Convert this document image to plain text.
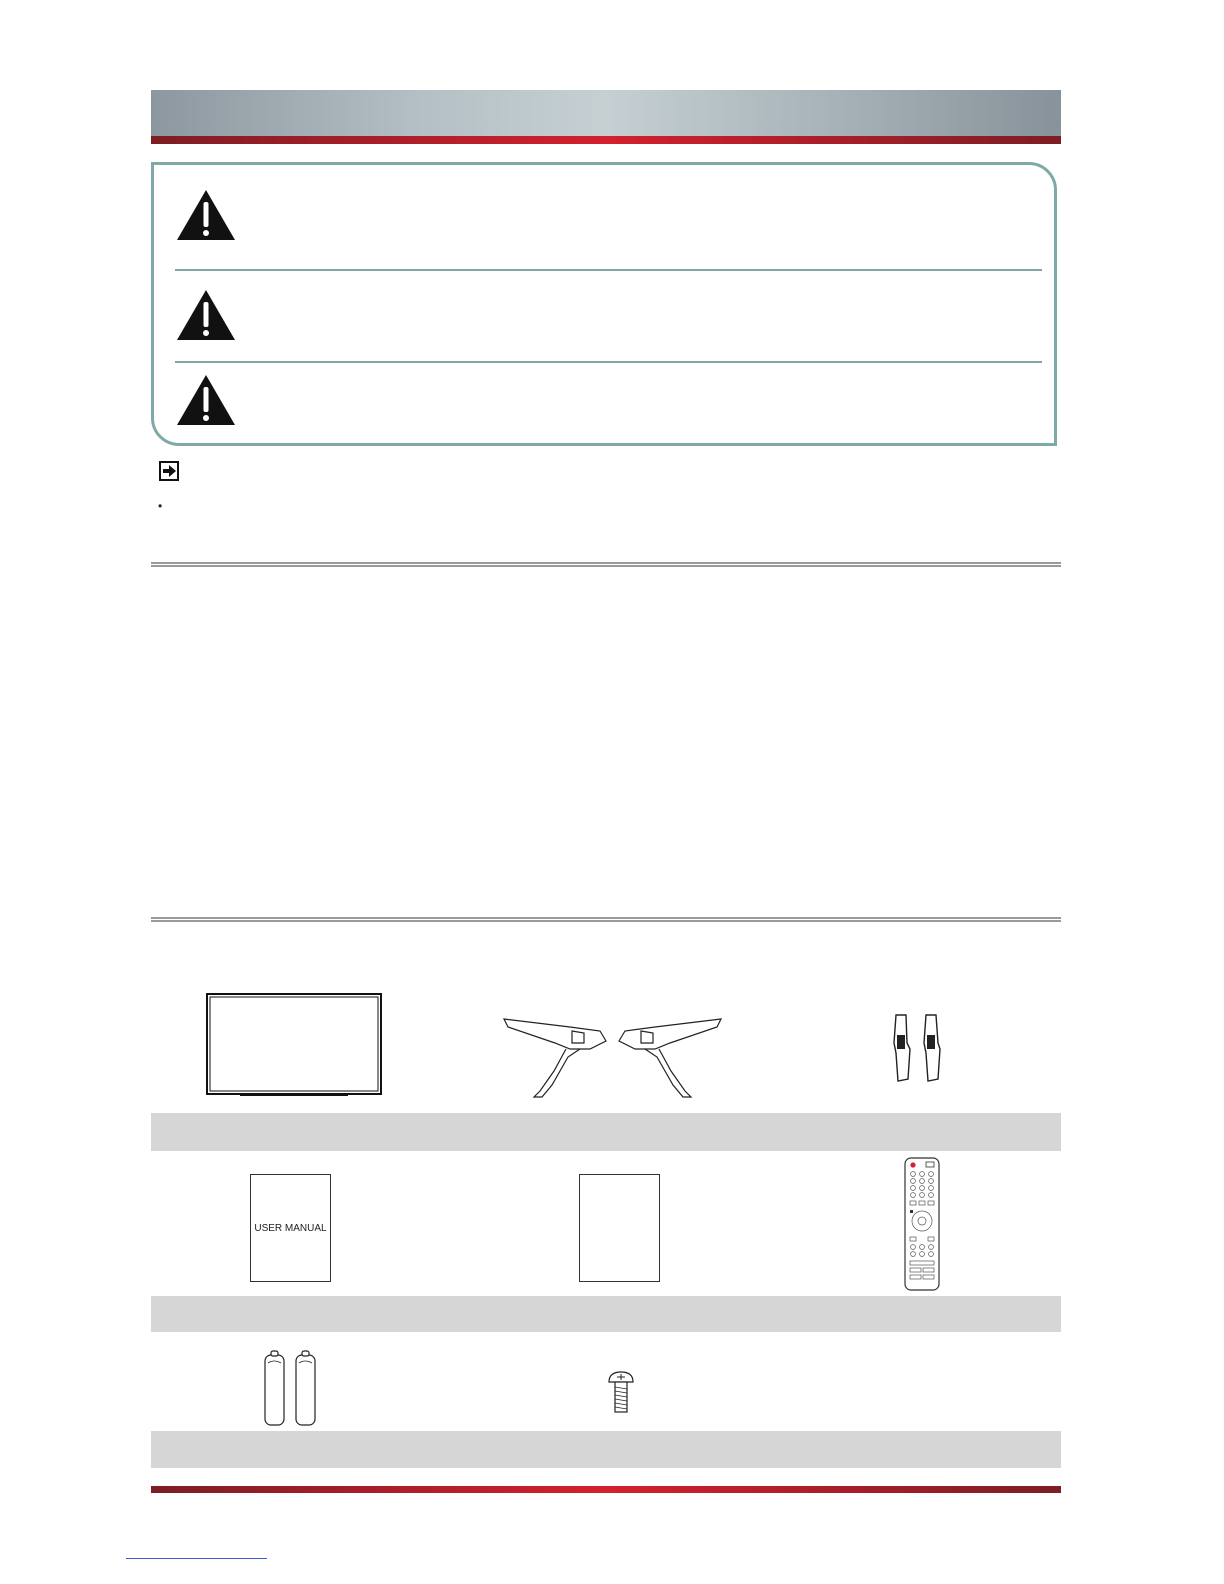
•
USER MANUAL
